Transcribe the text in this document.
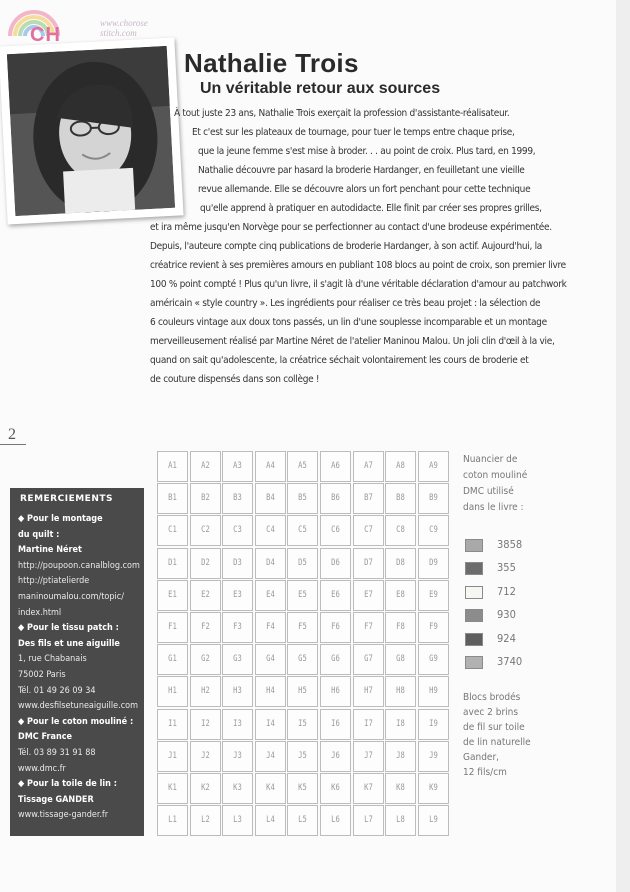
CH
www.chorose
stitch.com
Nathalie Trois
Un véritable retour aux sources
À tout juste 23 ans, Nathalie Trois exerçait la profession d'assistante-réalisateur.
Et c'est sur les plateaux de tournage, pour tuer le temps entre chaque prise,
que la jeune femme s'est mise à broder. . . au point de croix. Plus tard, en 1999,
Nathalie découvre par hasard la broderie Hardanger, en feuilletant une vieille
revue allemande. Elle se découvre alors un fort penchant pour cette technique
qu'elle apprend à pratiquer en autodidacte. Elle finit par créer ses propres grilles,
et ira même jusqu'en Norvège pour se perfectionner au contact d'une brodeuse expérimentée.
Depuis, l'auteure compte cinq publications de broderie Hardanger, à son actif. Aujourd'hui, la
créatrice revient à ses premières amours en publiant 108 blocs au point de croix, son premier livre
100 % point compté ! Plus qu'un livre, il s'agit là d'une véritable déclaration d'amour au patchwork
américain « style country ». Les ingrédients pour réaliser ce très beau projet : la sélection de
6 couleurs vintage aux doux tons passés, un lin d'une souplesse incomparable et un montage
merveilleusement réalisé par Martine Néret de l'atelier Maninou Malou. Un joli clin d'œil à la vie,
quand on sait qu'adolescente, la créatrice séchait volontairement les cours de broderie et
de couture dispensés dans son collège !
2
REMERCIEMENTS
◆ Pour le montage
du quilt :
Martine Néret
http://poupoon.canalblog.com
http://ptiatelierde
maninoumalou.com/topic/
index.html
◆ Pour le tissu patch :
Des fils et une aiguille
1, rue Chabanais
75002 Paris
Tél. 01 49 26 09 34
www.desfilsetuneaiguille.com
◆ Pour le coton mouliné :
DMC France
Tél. 03 89 31 91 88
www.dmc.fr
◆ Pour la toile de lin :
Tissage GANDER
www.tissage-gander.fr
A1	A2	A3	A4	A5	A6	A7	A8	A9
B1	B2	B3	B4	B5	B6	B7	B8	B9
C1	C2	C3	C4	C5	C6	C7	C8	C9
D1	D2	D3	D4	D5	D6	D7	D8	D9
E1	E2	E3	E4	E5	E6	E7	E8	E9
F1	F2	F3	F4	F5	F6	F7	F8	F9
G1	G2	G3	G4	G5	G6	G7	G8	G9
H1	H2	H3	H4	H5	H6	H7	H8	H9
I1	I2	I3	I4	I5	I6	I7	I8	I9
J1	J2	J3	J4	J5	J6	J7	J8	J9
K1	K2	K3	K4	K5	K6	K7	K8	K9
L1	L2	L3	L4	L5	L6	L7	L8	L9
Nuancier de
coton mouliné
DMC utilisé
dans le livre :
3858
355
712
930
924
3740
Blocs brodés
avec 2 brins
de fil sur toile
de lin naturelle
Gander,
12 fils/cm
